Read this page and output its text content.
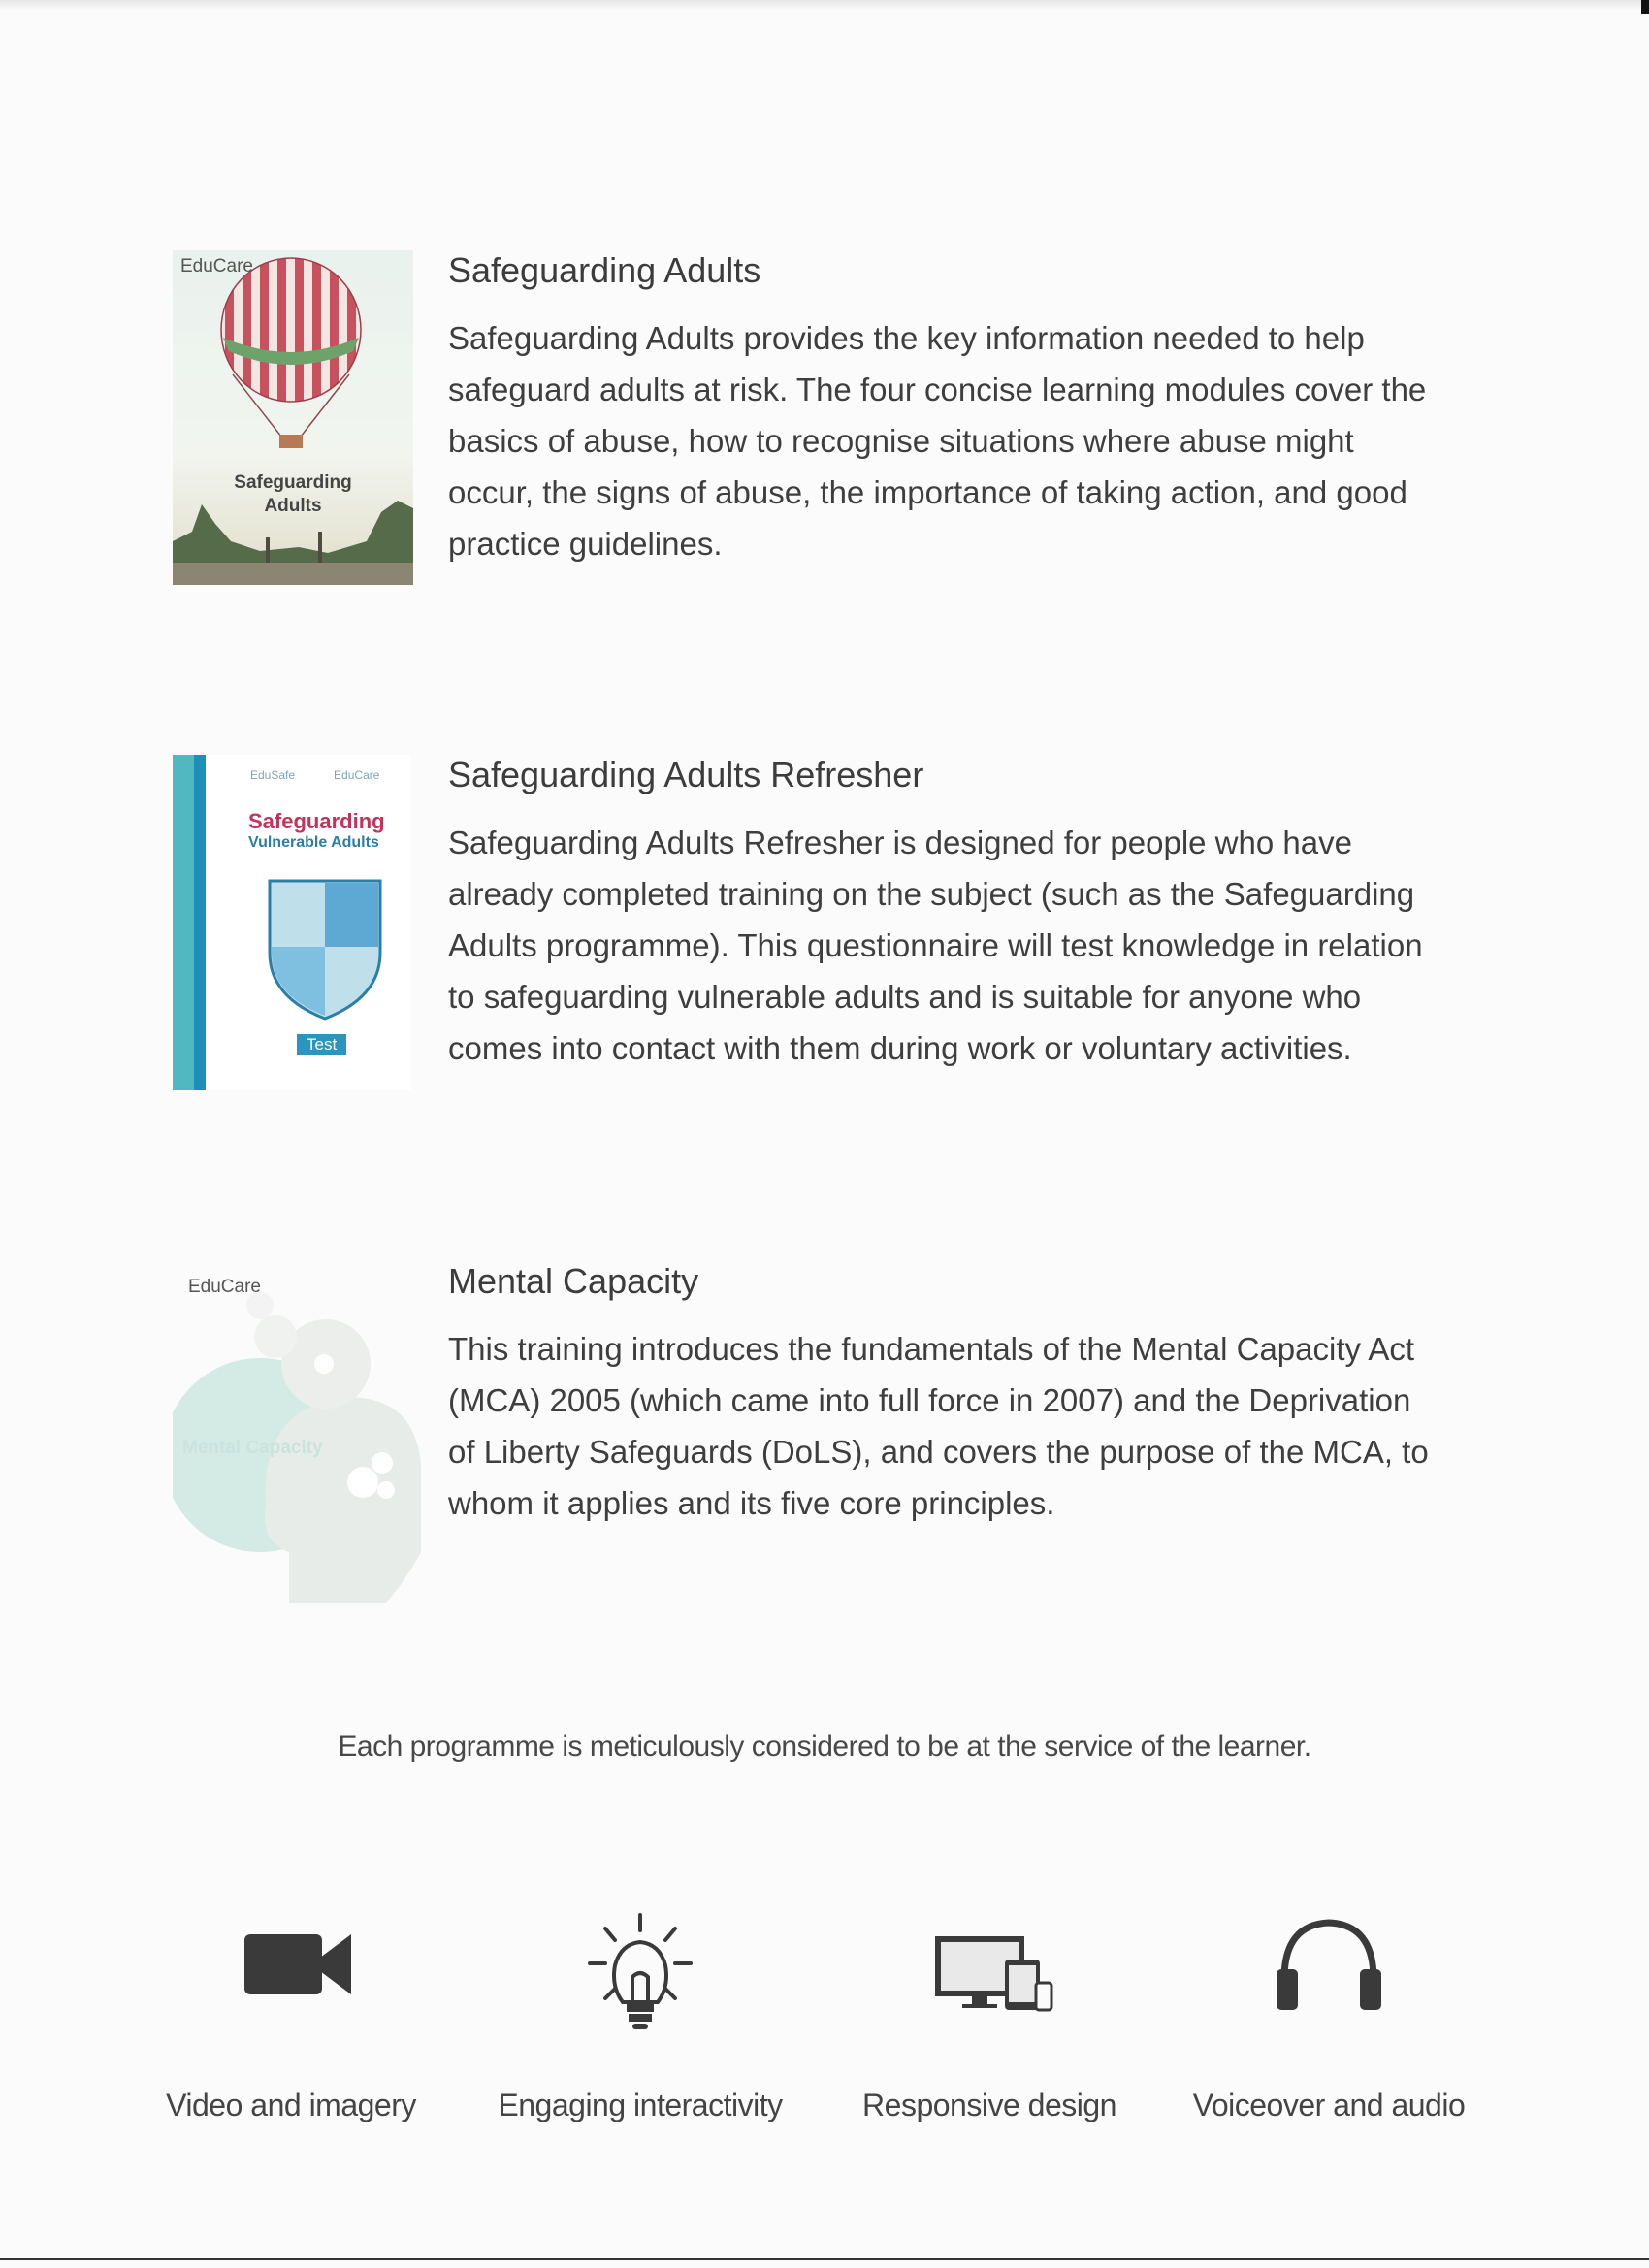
EduCare
Safeguarding
Adults
Safeguarding Adults

Safeguarding Adults provides the key information needed to help safeguard adults at risk. The four concise learning modules cover the basics of abuse, how to recognise situations where abuse might occur, the signs of abuse, the importance of taking action, and good practice guidelines.

EduSafe	EduCare
Safeguarding
Vulnerable Adults
Test
Safeguarding Adults Refresher

Safeguarding Adults Refresher is designed for people who have already completed training on the subject (such as the Safeguarding Adults programme). This questionnaire will test knowledge in relation to safeguarding vulnerable adults and is suitable for anyone who comes into contact with them during work or voluntary activities.

EduCare
Mental Capacity
Mental Capacity

This training introduces the fundamentals of the Mental Capacity Act (MCA) 2005 (which came into full force in 2007) and the Deprivation of Liberty Safeguards (DoLS), and covers the purpose of the MCA, to whom it applies and its five core principles.

Each programme is meticulously considered to be at the service of the learner.
Video and imagery	Engaging interactivity	Responsive design	Voiceover and audio
